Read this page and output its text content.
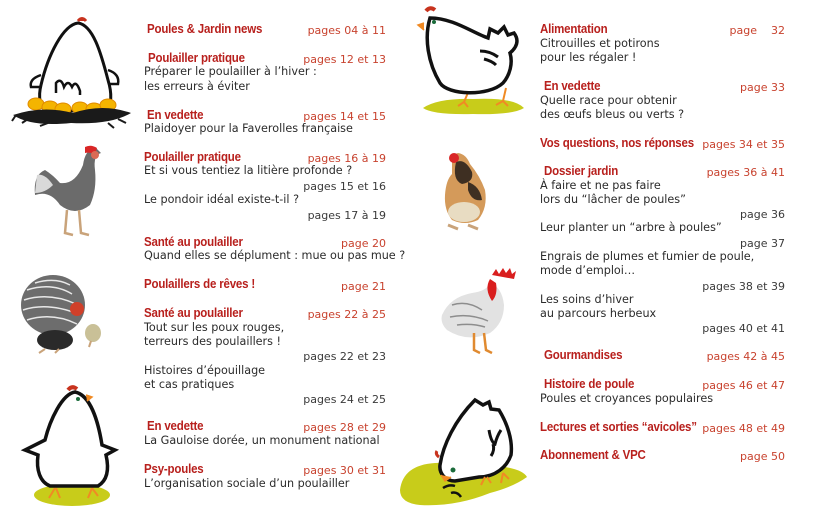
Poules & Jardin news	pages 04 à 11
Poulailler pratique	pages 12 et 13
Préparer le poulailler à l’hiver :
les erreurs à éviter
En vedette	pages 14 et 15
Plaidoyer pour la Faverolles française
Poulailler pratique	pages 16 à 19
Et si vous tentiez la litière profonde ?
pages 15 et 16
Le pondoir idéal existe-t-il ?
pages 17 à 19
Santé au poulailler	page 20
Quand elles se déplument : mue ou pas mue ?
Poulaillers de rêves !	page 21
Santé au poulailler	pages 22 à 25
Tout sur les poux rouges,
terreurs des poulaillers !
pages 22 et 23
Histoires d’épouillage
et cas pratiques
pages 24 et 25
En vedette	pages 28 et 29
La Gauloise dorée, un monument national
Psy-poules	pages 30 et 31
L’organisation sociale d’un poulailler
Alimentation	page    32
Citrouilles et potirons
pour les régaler !
En vedette	page 33
Quelle race pour obtenir
des œufs bleus ou verts ?
Vos questions, nos réponses pages 34 et 35
Dossier jardin	pages 36 à 41
À faire et ne pas faire
lors du “lâcher de poules”
page 36
Leur planter un “arbre à poules”
page 37
Engrais de plumes et fumier de poule,
mode d’emploi…
pages 38 et 39
Les soins d’hiver
au parcours herbeux
pages 40 et 41
Gourmandises	pages 42 à 45
Histoire de poule	pages 46 et 47
Poules et croyances populaires
Lectures et sorties “avicoles” pages 48 et 49
Abonnement & VPC	page 50
